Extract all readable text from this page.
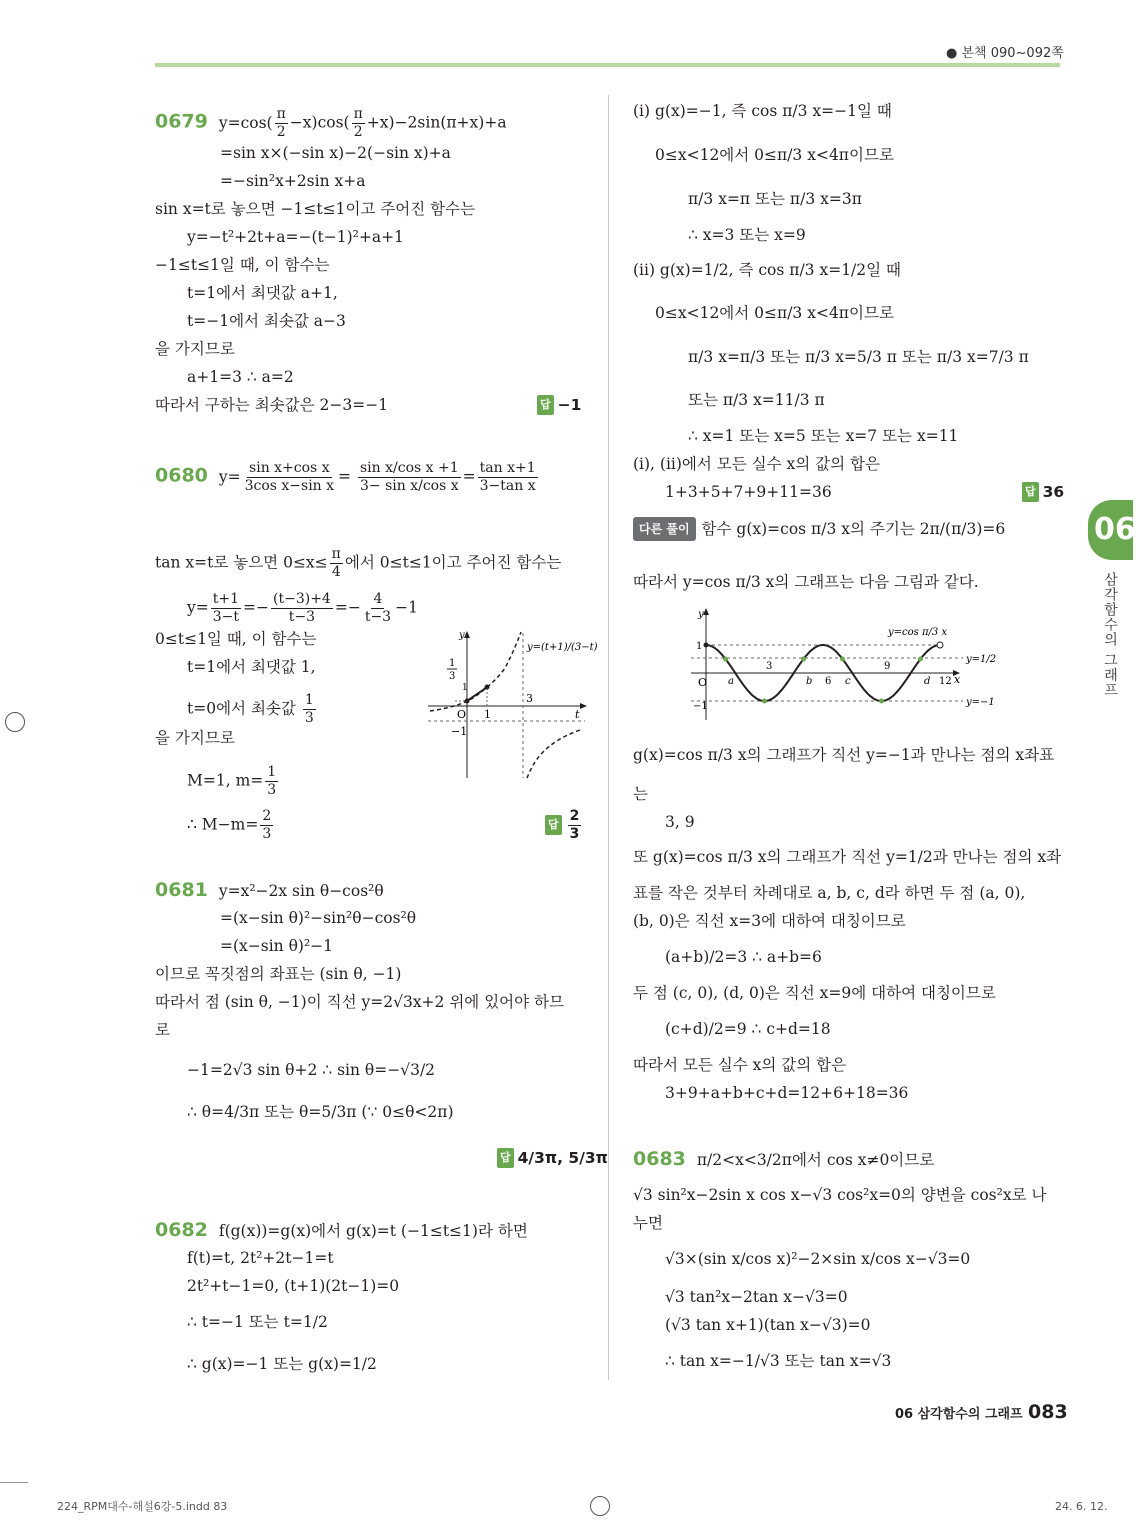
● 본책 090~092쪽
06
삼각함수의 그래프
0679 $y=\cos( \frac{\pi}{2} -x)\cos( \frac{\pi}{2} +x)-2\sin(\pi+x)+a$
=sin x×(−sin x)−2(−sin x)+a
=−sin²x+2sin x+a
sin x=t로 놓으면 −1≤t≤1이고 주어진 함수는
y=−t²+2t+a=−(t−1)²+a+1
−1≤t≤1일 때, 이 함수는
t=1에서 최댓값 a+1,
t=−1에서 최솟값 a−3
을 가지므로
a+1=3 ∴ a=2
따라서 구하는 최솟값은 2−3=−1	답 −1
0680 $y= \frac{\text{sin x+cos x}}{\text{3cos x−sin x}} = \frac{\text{sin x/cos x +1}}{\text{3− sin x/cos x}} = \frac{\text{tan x+1}}{\text{3−tan x}}$
tan x=t로 놓으면 $0\le x\le \frac{\pi}{4}$ 에서 0≤t≤1이고 주어진 함수는
$y= \frac{t+1}{3-t} =- \frac{(t-3)+4}{t-3} =- \frac{4}{t-3} -1$
0≤t≤1일 때, 이 함수는
t=1에서 최댓값 1,
t=0에서 최솟값 $\frac{1}{3}$
을 가지므로
M=1, $m= \frac{1}{3}$
∴ $M-m= \frac{2}{3}$	답 $\frac{2}{3}$
y
t
O 1
3
−1
1
1
3
y=(t+1)/(3−t)
0681 y=x²−2x sin θ−cos²θ
=(x−sin θ)²−sin²θ−cos²θ
=(x−sin θ)²−1
이므로 꼭짓점의 좌표는 (sin θ, −1)
따라서 점 (sin θ, −1)이 직선 y=2√3x+2 위에 있어야 하므
로
−1=2√3 sin θ+2 ∴ sin θ=−√3/2
∴ θ=4/3π 또는 θ=5/3π (∵ 0≤θ<2π)
답 4/3π, 5/3π
0682 f(g(x))=g(x)에서 g(x)=t (−1≤t≤1)라 하면
f(t)=t, 2t²+2t−1=t
2t²+t−1=0, (t+1)(2t−1)=0
∴ t=−1 또는 t=1/2
∴ g(x)=−1 또는 g(x)=1/2
(i) g(x)=−1, 즉 cos π/3 x=−1일 때
0≤x<12에서 0≤π/3 x<4π이므로
π/3 x=π 또는 π/3 x=3π
∴ x=3 또는 x=9
(ii) g(x)=1/2, 즉 cos π/3 x=1/2일 때
0≤x<12에서 0≤π/3 x<4π이므로
π/3 x=π/3 또는 π/3 x=5/3 π 또는 π/3 x=7/3 π
또는 π/3 x=11/3 π
∴ x=1 또는 x=5 또는 x=7 또는 x=11
(i), (ii)에서 모든 실수 x의 값의 합은
1+3+5+7+9+11=36	답 36
다른 풀이 함수 g(x)=cos π/3 x의 주기는 2π/(π/3)=6
따라서 y=cos π/3 x의 그래프는 다음 그림과 같다.
y
x
O
1
−1
a
3
b 6 c
9
d 12
y=cos π/3 x
y=1/2
y=−1
g(x)=cos π/3 x의 그래프가 직선 y=−1과 만나는 점의 x좌표
는
3, 9
또 g(x)=cos π/3 x의 그래프가 직선 y=1/2과 만나는 점의 x좌
표를 작은 것부터 차례대로 a, b, c, d라 하면 두 점 (a, 0),
(b, 0)은 직선 x=3에 대하여 대칭이므로
(a+b)/2=3 ∴ a+b=6
두 점 (c, 0), (d, 0)은 직선 x=9에 대하여 대칭이므로
(c+d)/2=9 ∴ c+d=18
따라서 모든 실수 x의 값의 합은
3+9+a+b+c+d=12+6+18=36
0683 π/2<x<3/2π에서 cos x≠0이므로
√3 sin²x−2sin x cos x−√3 cos²x=0의 양변을 cos²x로 나
누면
√3×(sin x/cos x)²−2×sin x/cos x−√3=0
√3 tan²x−2tan x−√3=0
(√3 tan x+1)(tan x−√3)=0
∴ tan x=−1/√3 또는 tan x=√3
06 삼각함수의 그래프 083
224_RPM대수-해설6강-5.indd 83	24. 6. 12.
